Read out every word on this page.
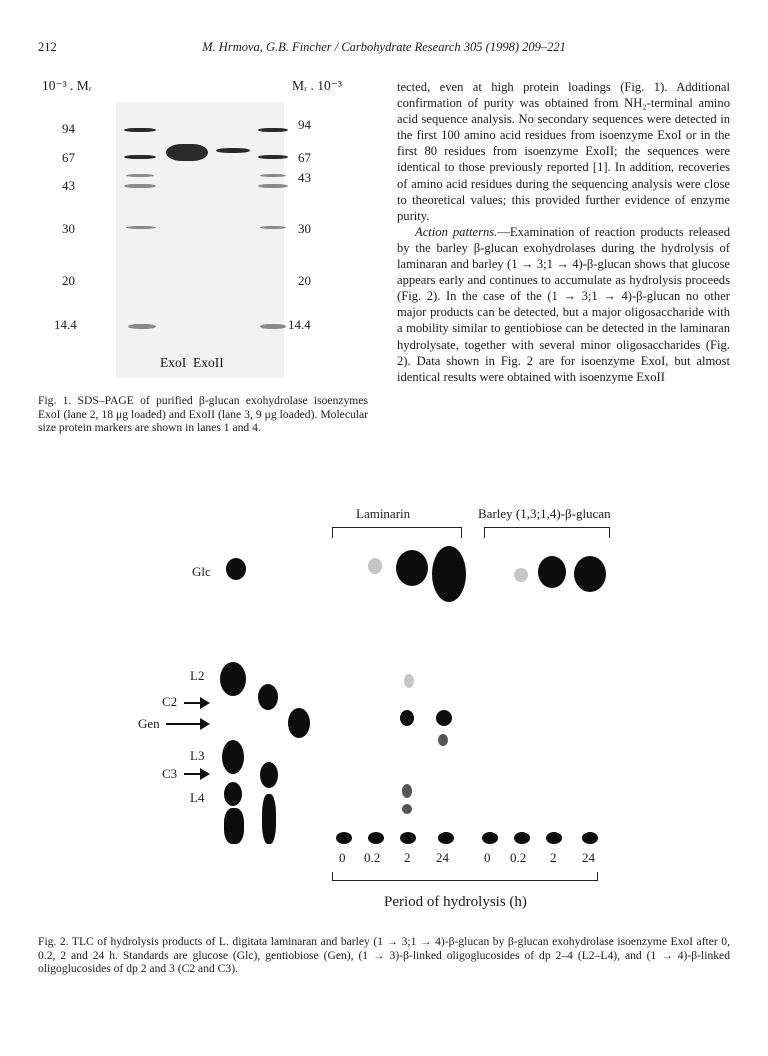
212	M. Hrmova, G.B. Fincher / Carbohydrate Research 305 (1998) 209–221
10⁻³ . Mᵣ	Mᵣ . 10⁻³
94
67
43
30
20
14.4
94
67
43
30
20
14.4
ExoI  ExoII
Fig. 1. SDS–PAGE of purified β-glucan exohydrolase isoenzymes ExoI (lane 2, 18 μg loaded) and ExoII (lane 3, 9 μg loaded). Molecular size protein markers are shown in lanes 1 and 4.

tected, even at high protein loadings (Fig. 1). Additional confirmation of purity was obtained from NH₂-terminal amino acid sequence analysis. No secondary sequences were detected in the first 100 amino acid residues from isoenzyme ExoI or in the first 80 residues from isoenzyme ExoII; the sequences were identical to those previously reported [1]. In addition, recoveries of amino acid residues during the sequencing analysis were close to theoretical values; this provided further evidence of enzyme purity.

Action patterns.—Examination of reaction products released by the barley β-glucan exohydrolases during the hydrolysis of laminaran and barley (1 → 3;1 → 4)-β-glucan shows that glucose appears early and continues to accumulate as hydrolysis proceeds (Fig. 2). In the case of the (1 → 3;1 → 4)-β-glucan no other major products can be detected, but a major oligosaccharide with a mobility similar to gentiobiose can be detected in the laminaran hydrolysate, together with several minor oligosaccharides (Fig. 2). Data shown in Fig. 2 are for isoenzyme ExoI, but almost identical results were obtained with isoenzyme ExoII

Laminarin	Barley (1,3;1,4)-β-glucan
Glc
L2
C2
Gen
L3
C3
L4
0 0.2 2 24	0 0.2 2 24
Period of hydrolysis (h)
Fig. 2. TLC of hydrolysis products of L. digitata laminaran and barley (1 → 3;1 → 4)-β-glucan by β-glucan exohydrolase isoenzyme ExoI after 0, 0.2, 2 and 24 h. Standards are glucose (Glc), gentiobiose (Gen), (1 → 3)-β-linked oligoglucosides of dp 2–4 (L2–L4), and (1 → 4)-β-linked oligoglucosides of dp 2 and 3 (C2 and C3).
